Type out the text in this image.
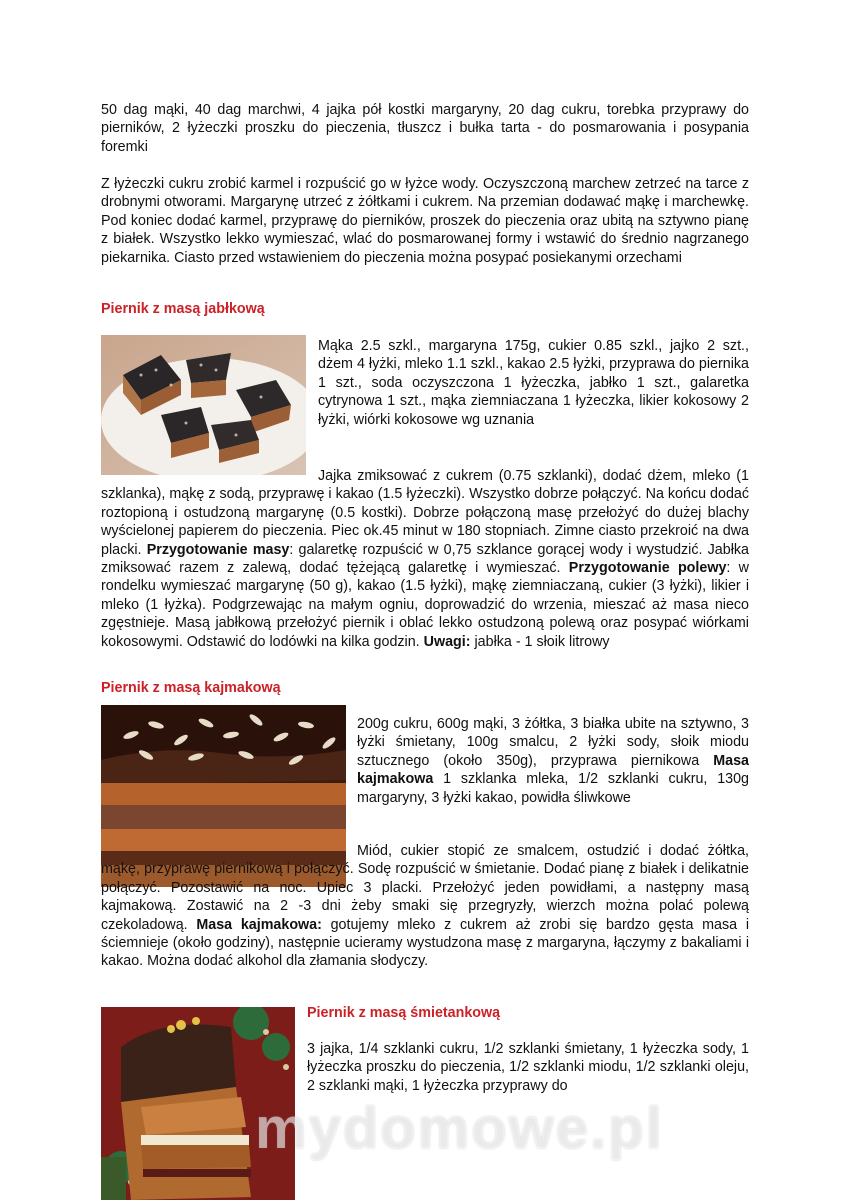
50 dag mąki, 40 dag marchwi, 4 jajka pół kostki margaryny, 20 dag cukru, torebka przyprawy do pierników, 2 łyżeczki proszku do pieczenia, tłuszcz i bułka tarta - do posmarowania i posypania foremki
Z łyżeczki cukru zrobić karmel i rozpuścić go w łyżce wody. Oczyszczoną marchew zetrzeć na tarce z drobnymi otworami. Margarynę utrzeć z żółtkami i cukrem. Na przemian dodawać mąkę i marchewkę. Pod koniec dodać karmel, przyprawę do pierników, proszek do pieczenia oraz ubitą na sztywno pianę z białek. Wszystko lekko wymieszać, wlać do posmarowanej formy i wstawić do średnio nagrzanego piekarnika. Ciasto przed wstawieniem do pieczenia można posypać posiekanymi orzechami
Piernik z masą jabłkową
Mąka 2.5 szkl., margaryna 175g, cukier 0.85 szkl., jajko 2 szt., dżem 4 łyżki, mleko 1.1 szkl., kakao 2.5 łyżki, przyprawa do piernika 1 szt., soda oczyszczona 1 łyżeczka, jabłko 1 szt., galaretka cytrynowa 1 szt., mąka ziemniaczana 1 łyżeczka, likier kokosowy 2 łyżki, wiórki kokosowe wg uznania
Jajka zmiksować z cukrem (0.75 szklanki), dodać dżem, mleko (1 szklanka), mąkę z sodą, przyprawę i kakao (1.5 łyżeczki). Wszystko dobrze połączyć. Na końcu dodać roztopioną i ostudzoną margarynę (0.5 kostki). Dobrze połączoną masę przełożyć do dużej blachy wyścielonej papierem do pieczenia. Piec ok.45 minut w 180 stopniach. Zimne ciasto przekroić na dwa placki. Przygotowanie masy: galaretkę rozpuścić w 0,75 szklance gorącej wody i wystudzić. Jabłka zmiksować razem z zalewą, dodać tężejącą galaretkę i wymieszać. Przygotowanie polewy: w rondelku wymieszać margarynę (50 g), kakao (1.5 łyżki), mąkę ziemniaczaną, cukier (3 łyżki), likier i mleko (1 łyżka). Podgrzewając na małym ogniu, doprowadzić do wrzenia, mieszać aż masa nieco zgęstnieje. Masą jabłkową przełożyć piernik i oblać lekko ostudzoną polewą oraz posypać wiórkami kokosowymi. Odstawić do lodówki na kilka godzin. Uwagi: jabłka - 1 słoik litrowy
Piernik z masą kajmakową
200g cukru, 600g mąki, 3 żółtka, 3 białka ubite na sztywno, 3 łyżki śmietany, 100g smalcu, 2 łyżki sody, słoik miodu sztucznego (około 350g), przyprawa piernikowa Masa kajmakowa 1 szklanka mleka, 1/2 szklanki cukru, 130g margaryny, 3 łyżki kakao, powidła śliwkowe
Miód, cukier stopić ze smalcem, ostudzić i dodać żółtka, mąkę, przyprawę piernikową i połączyć. Sodę rozpuścić w śmietanie. Dodać pianę z białek i delikatnie połączyć. Pozostawić na noc. Upiec 3 placki. Przełożyć jeden powidłami, a następny masą kajmakową. Zostawić na 2 -3 dni żeby smaki się przegryzły, wierzch można polać polewą czekoladową. Masa kajmakowa: gotujemy mleko z cukrem aż zrobi się bardzo gęsta masa i ściemnieje (około godziny), następnie ucieramy wystudzona masę z margaryna, łączymy z bakaliami i kakao. Można dodać alkohol dla złamania słodyczy.
Piernik z masą śmietankową
3 jajka, 1/4 szklanki cukru, 1/2 szklanki śmietany, 1 łyżeczka sody, 1 łyżeczka proszku do pieczenia, 1/2 szklanki miodu, 1/2 szklanki oleju, 2 szklanki mąki, 1 łyżeczka przyprawy do
mydomowe.pl
